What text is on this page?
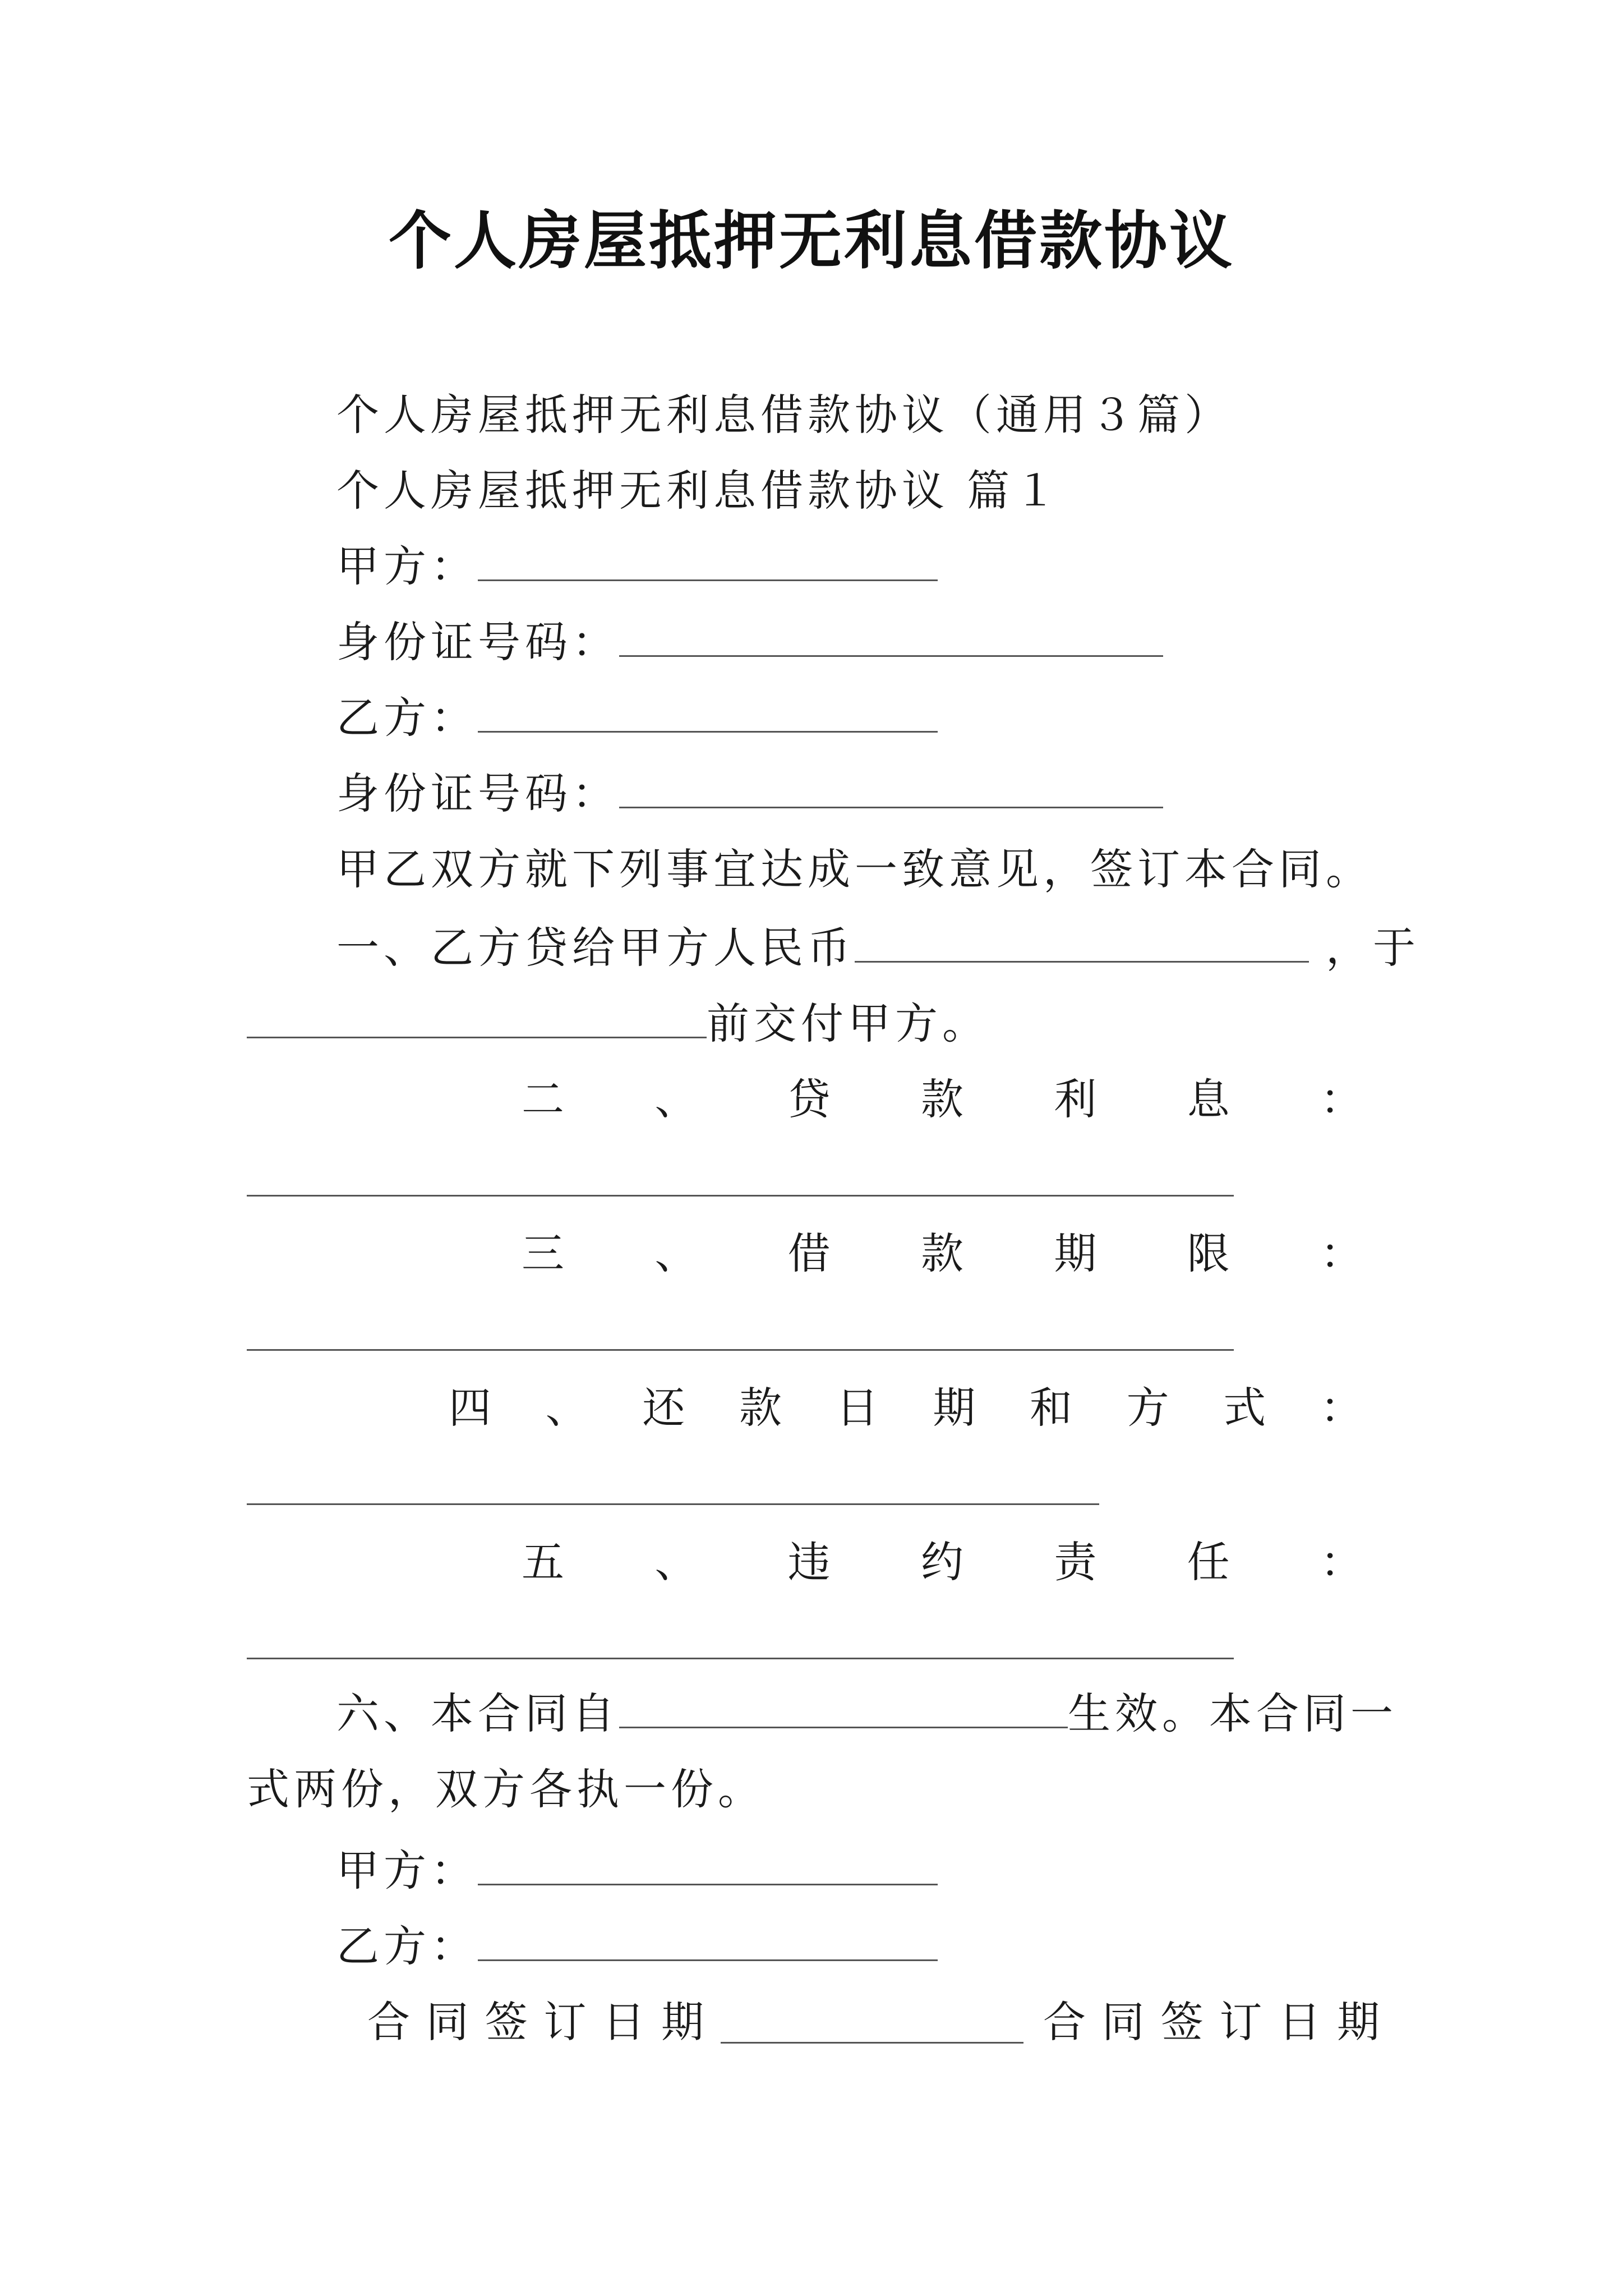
个人房屋抵押无利息借款协议
个人房屋抵押无利息借款协议（通用３篇）
个人房屋抵押无利息借款协议 篇１
甲方：
身份证号码：
乙方：
身份证号码：
甲乙双方就下列事宜达成一致意见，签订本合同。
一、乙方贷给甲方人民币	，于
前交付甲方。
二 、 贷 款 利 息 ：
三 、 借 款 期 限 ：
四 、 还 款 日 期 和 方 式 ：
五 、 违 约 责 任 ：
六、本合同自	生效。本合同一
式两份，双方各执一份。
甲方：
乙方：
合 同 签 订 日 期	合 同 签 订 日 期
